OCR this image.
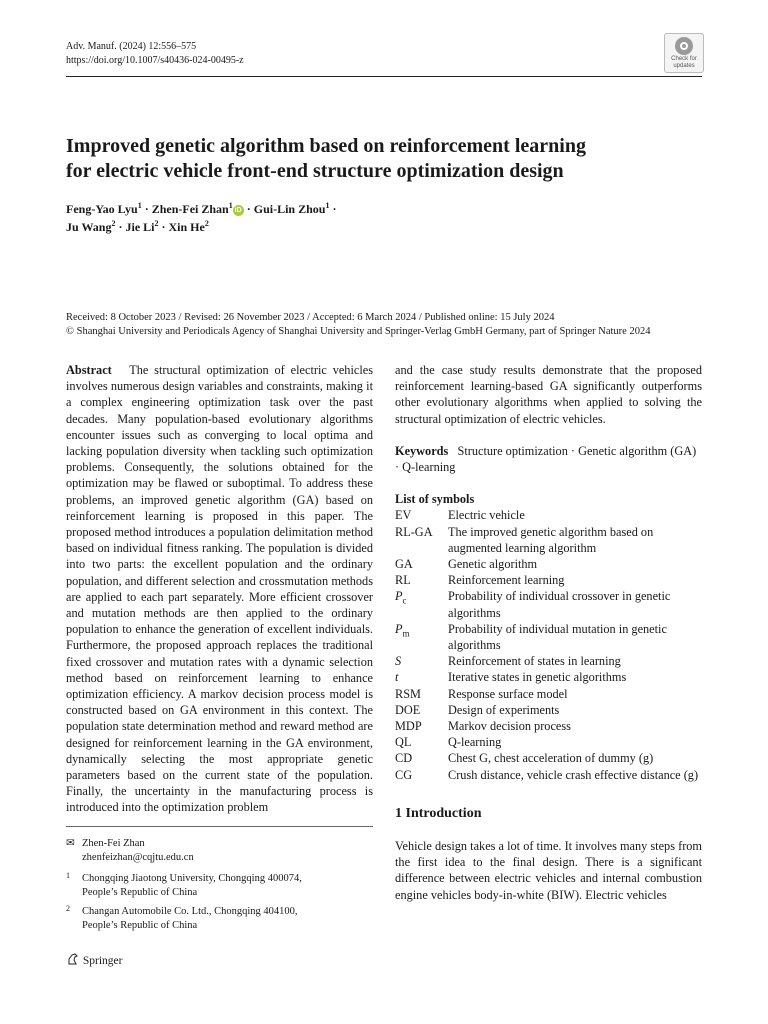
Adv. Manuf. (2024) 12:556–575
https://doi.org/10.1007/s40436-024-00495-z	Check for
updates
Improved genetic algorithm based on reinforcement learning
for electric vehicle front-end structure optimization design
Feng-Yao Lyu$^1$ · Zhen-Fei Zhan$^1$iD · Gui-Lin Zhou$^1$ ·
Ju Wang$^2$ · Jie $Li^2$ · Xin He$^2$
Received: 8 October 2023 / Revised: 26 November 2023 / Accepted: 6 March 2024 / Published online: 15 July 2024
© Shanghai University and Periodicals Agency of Shanghai University and Springer-Verlag GmbH Germany, part of Springer Nature 2024

Abstract The structural optimization of electric vehicles involves numerous design variables and constraints, making it a complex engineering optimization task over the past decades. Many population-based evolutionary algorithms encounter issues such as converging to local optima and lacking population diversity when tackling such optimization problems. Consequently, the solutions obtained for the optimization may be flawed or suboptimal. To address these problems, an improved genetic algorithm (GA) based on reinforcement learning is proposed in this paper. The proposed method introduces a population delimitation method based on individual fitness ranking. The population is divided into two parts: the excellent population and the ordinary population, and different selection and crossmutation methods are applied to each part separately. More efficient crossover and mutation methods are then applied to the ordinary population to enhance the generation of excellent individuals. Furthermore, the proposed approach replaces the traditional fixed crossover and mutation rates with a dynamic selection method based on reinforcement learning to enhance optimization efficiency. A markov decision process model is constructed based on GA environment in this context. The population state determination method and reward method are designed for reinforcement learning in the GA environment, dynamically selecting the most appropriate genetic parameters based on the current state of the population. Finally, the uncertainty in the manufacturing process is introduced into the optimization problem

and the case study results demonstrate that the proposed reinforcement learning-based GA significantly outperforms other evolutionary algorithms when applied to solving the structural optimization of electric vehicles.

Keywords Structure optimization · Genetic algorithm (GA) · Q-learning

List of symbols
EV	Electric vehicle
RL-GA	The improved genetic algorithm based on augmented learning algorithm
GA	Genetic algorithm
RL	Reinforcement learning
$P_c$	Probability of individual crossover in genetic algorithms
$P_m$	Probability of individual mutation in genetic algorithms
S	Reinforcement of states in learning
t	Iterative states in genetic algorithms
RSM	Response surface model
DOE	Design of experiments
MDP	Markov decision process
QL	Q-learning
CD	Chest G, chest acceleration of dummy (g)
CG	Crush distance, vehicle crash effective distance (g)
1 Introduction

Vehicle design takes a lot of time. It involves many steps from the first idea to the final design. There is a significant difference between electric vehicles and internal combustion engine vehicles body-in-white (BIW). Electric vehicles

✉ Zhen-Fei Zhan
zhenfeizhan@cqjtu.edu.cn
1 Chongqing Jiaotong University, Chongqing 400074,
People’s Republic of China
2 Changan Automobile Co. Ltd., Chongqing 404100,
People’s Republic of China
Springer
